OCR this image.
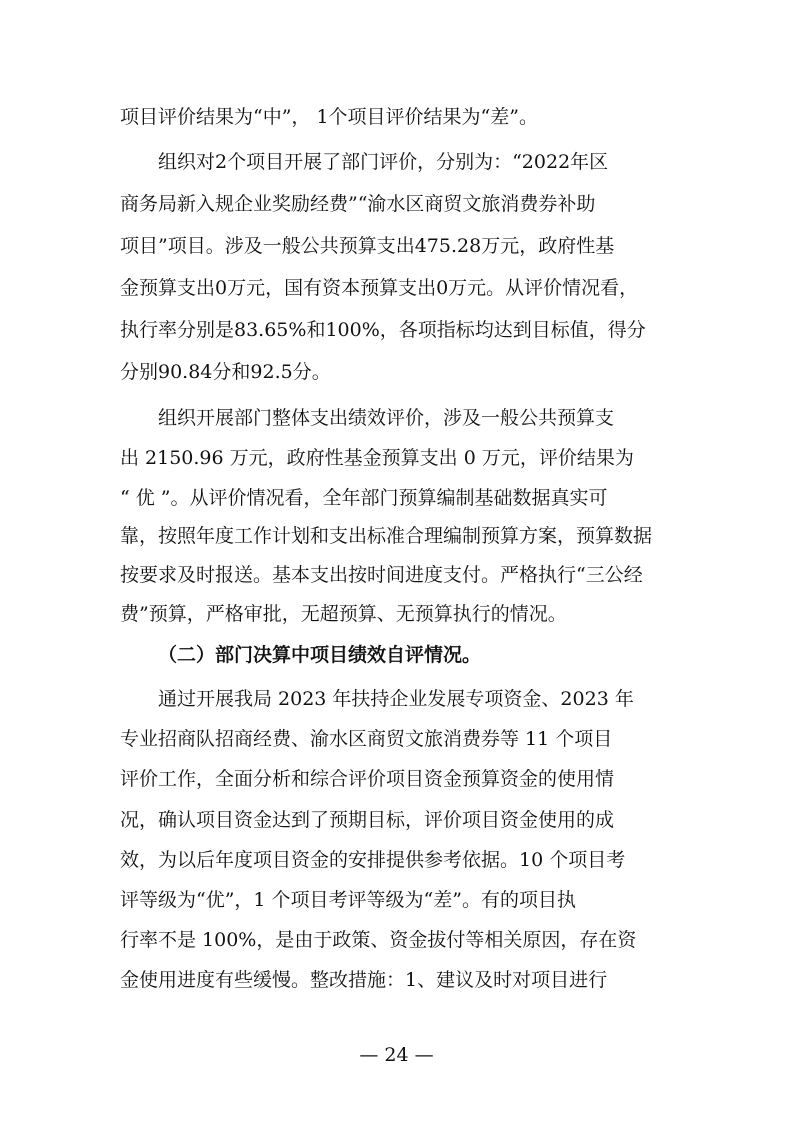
项目评价结果为“中”， 1个项目评价结果为“差”。
组织对2个项目开展了部门评价，分别为：“2022年区
商务局新入规企业奖励经费”“渝水区商贸文旅消费券补助
项目”项目。涉及一般公共预算支出475.28万元，政府性基
金预算支出0万元，国有资本预算支出0万元。从评价情况看，
执行率分别是83.65%和100%，各项指标均达到目标值，得分
分别90.84分和92.5分。
组织开展部门整体支出绩效评价，涉及一般公共预算支
出 2150.96 万元，政府性基金预算支出 0 万元，评价结果为
“ 优 ”。从评价情况看，全年部门预算编制基础数据真实可
靠，按照年度工作计划和支出标准合理编制预算方案，预算数据
按要求及时报送。基本支出按时间进度支付。严格执行“三公经
费”预算，严格审批，无超预算、无预算执行的情况。
（二）部门决算中项目绩效自评情况。
通过开展我局 2023 年扶持企业发展专项资金、2023 年
专业招商队招商经费、渝水区商贸文旅消费券等 11 个项目
评价工作，全面分析和综合评价项目资金预算资金的使用情
况，确认项目资金达到了预期目标，评价项目资金使用的成
效，为以后年度项目资金的安排提供参考依据。10 个项目考
评等级为“优”，1 个项目考评等级为“差”。有的项目执
行率不是 100%，是由于政策、资金拔付等相关原因，存在资
金使用进度有些缓慢。整改措施：1、建议及时对项目进行
— 24 —
